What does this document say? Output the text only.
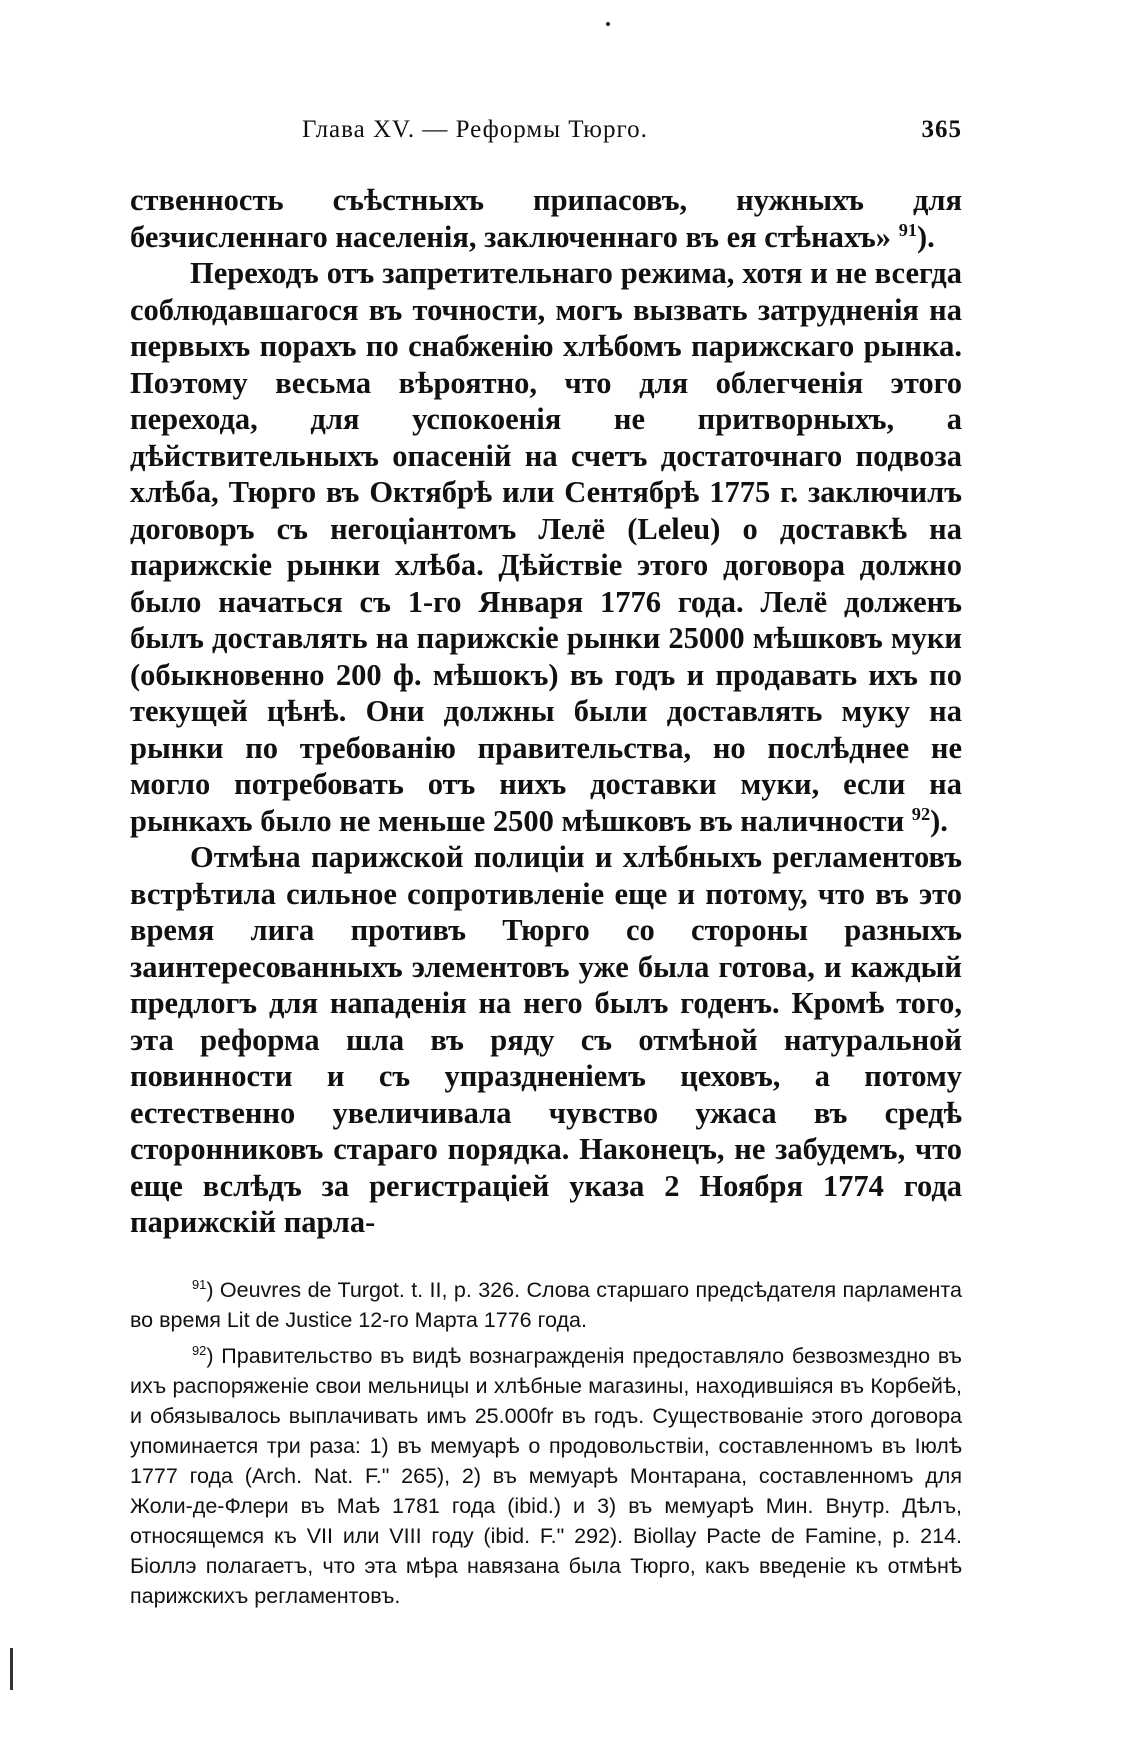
Глава XV. — Реформы Тюрго.	365

ственность съѣстныхъ припасовъ, нужныхъ для безчисленнаго населенія, заключеннаго въ ея стѣнахъ» $^{91}$).

Переходъ отъ запретительнаго режима, хотя и не всегда соблюдавшагося въ точности, могъ вызвать затрудненія на первыхъ порахъ по снабженію хлѣбомъ парижскаго рынка. Поэтому весьма вѣроятно, что для облегченія этого перехода, для успокоенія не притворныхъ, а дѣйствительныхъ опасеній на счетъ достаточнаго подвоза хлѣба, Тюрго въ Октябрѣ или Сентябрѣ 1775 г. заключилъ договоръ съ негоціантомъ Лелё (Leleu) о доставкѣ на парижскіе рынки хлѣба. Дѣйствіе этого договора должно было начаться съ 1-го Января 1776 года. Лелё долженъ былъ доставлять на парижскіе рынки 25000 мѣшковъ муки (обыкновенно 200 ф. мѣшокъ) въ годъ и продавать ихъ по текущей цѣнѣ. Они должны были доставлять муку на рынки по требованію правительства, но послѣднее не могло потребовать отъ нихъ доставки муки, если на рынкахъ было не меньше 2500 мѣшковъ въ наличности $^{92}$).

Отмѣна парижской полиціи и хлѣбныхъ регламентовъ встрѣтила сильное сопротивленіе еще и потому, что въ это время лига противъ Тюрго со стороны разныхъ заинтересованныхъ элементовъ уже была готова, и каждый предлогъ для нападенія на него былъ годенъ. Кромѣ того, эта реформа шла въ ряду съ отмѣной натуральной повинности и съ упраздненіемъ цеховъ, а потому естественно увеличивала чувство ужаса въ средѣ сторонниковъ стараго порядка. Наконецъ, не забудемъ, что еще вслѣдъ за регистраціей указа 2 Ноября 1774 года парижскій парла-

$^{91}$) Oeuvres de Turgot. t. II, p. 326. Слова старшаго предсѣдателя парламента во время Lit de Justice 12-го Марта 1776 года.

$^{92}$) Правительство въ видѣ вознагражденія предоставляло безвозмездно въ ихъ распоряженіе свои мельницы и хлѣбные магазины, находившіяся въ Корбейѣ, и обязывалось выплачивать имъ 25.000fr въ годъ. Существованіе этого договора упоминается три раза: 1) въ мемуарѣ о продовольствіи, составленномъ въ Іюлѣ 1777 года (Arch. Nat. F." 265), 2) въ мемуарѣ Монтарана, составленномъ для Жоли-де-Флери въ Маѣ 1781 года (ibid.) и 3) въ мемуарѣ Мин. Внутр. Дѣлъ, относящемся къ VII или VIII году (ibid. F." 292). Biollay Pacte de Famine, p. 214. Біоллэ полагаетъ, что эта мѣра навязана была Тюрго, какъ введеніе къ отмѣнѣ парижскихъ регламентовъ.
